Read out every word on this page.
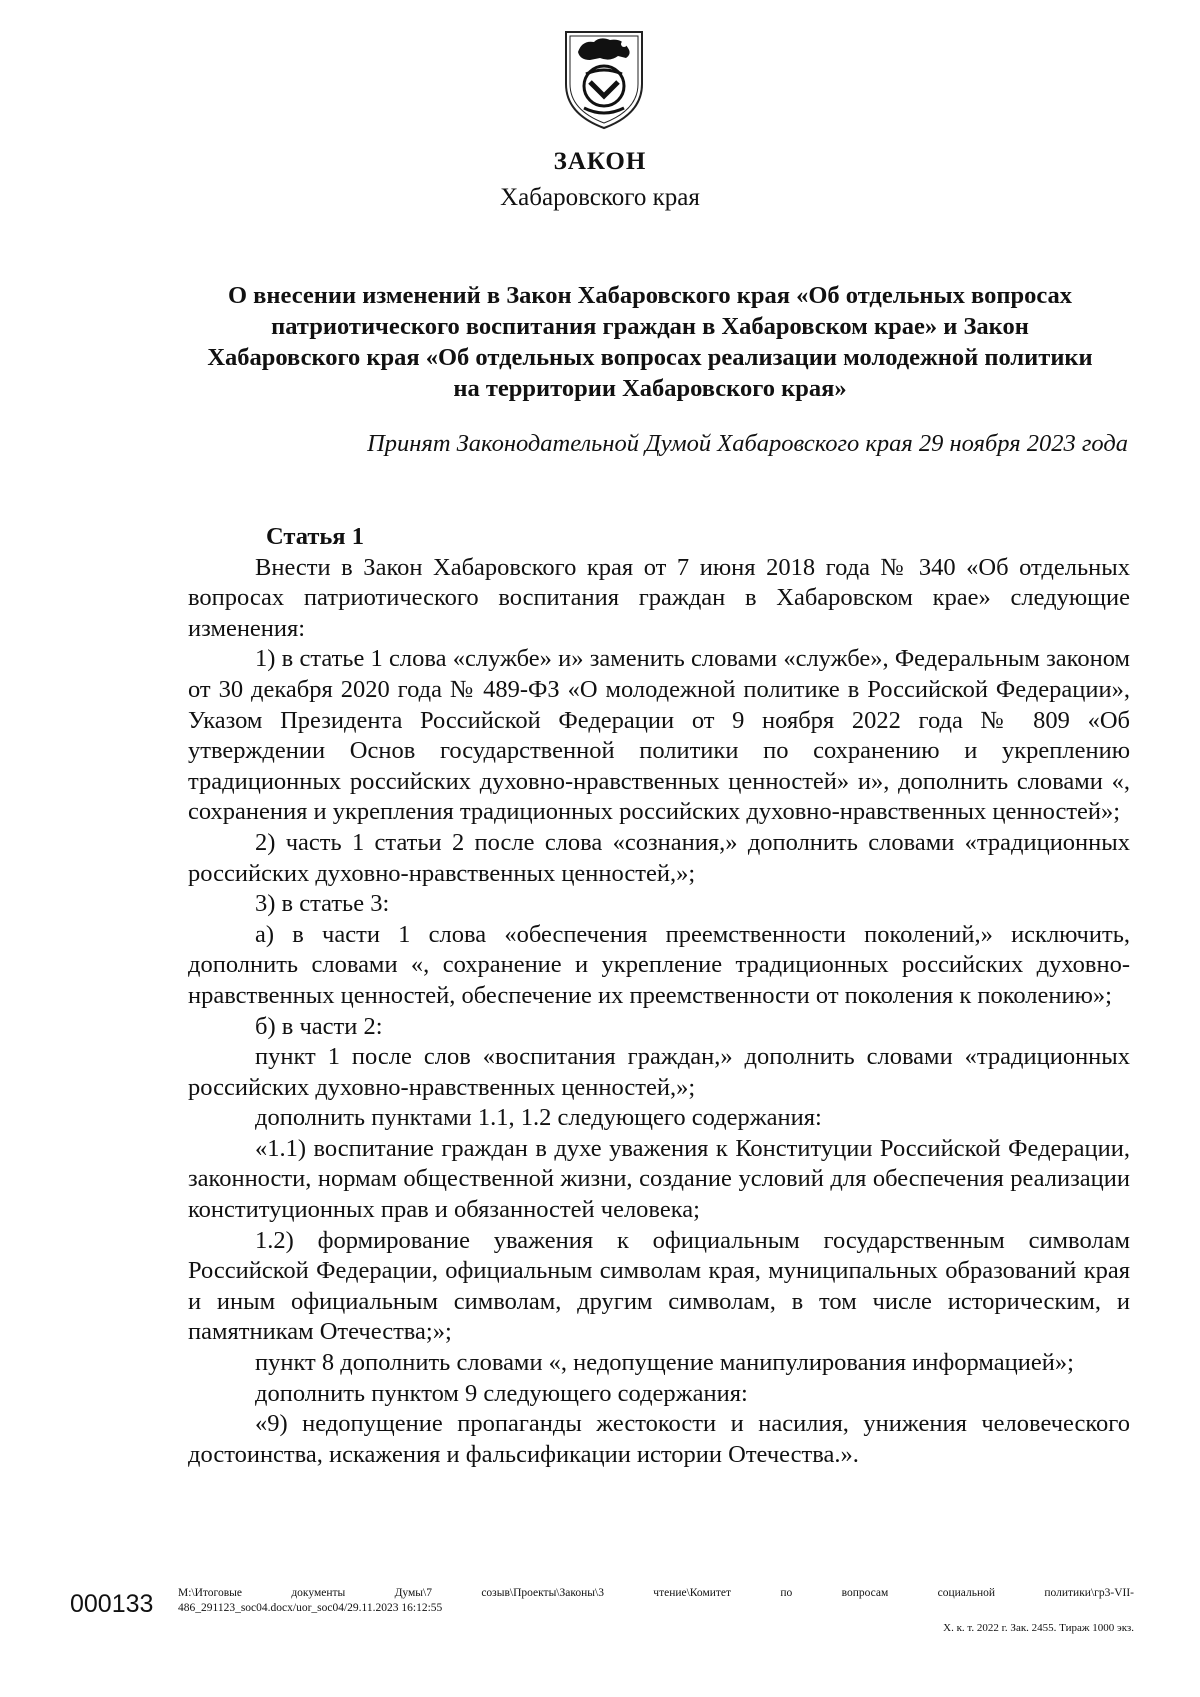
ЗАКОН
Хабаровского края
О внесении изменений в Закон Хабаровского края «Об отдельных вопросах патриотического воспитания граждан в Хабаровском крае» и Закон Хабаровского края «Об отдельных вопросах реализации молодежной политики на территории Хабаровского края»
Принят Законодательной Думой Хабаровского края 29 ноября 2023 года

Статья 1

Внести в Закон Хабаровского края от 7 июня 2018 года № 340 «Об отдельных вопросах патриотического воспитания граждан в Хабаровском крае» следующие изменения:

1) в статье 1 слова «службе» и» заменить словами «службе», Федеральным законом от 30 декабря 2020 года № 489-ФЗ «О молодежной политике в Российской Федерации», Указом Президента Российской Федерации от 9 ноября 2022 года № 809 «Об утверждении Основ государственной политики по сохранению и укреплению традиционных российских духовно-нравственных ценностей» и», дополнить словами «, сохранения и укрепления традиционных российских духовно-нравственных ценностей»;

2) часть 1 статьи 2 после слова «сознания,» дополнить словами «традиционных российских духовно-нравственных ценностей,»;

3) в статье 3:

а) в части 1 слова «обеспечения преемственности поколений,» исключить, дополнить словами «, сохранение и укрепление традиционных российских духовно-нравственных ценностей, обеспечение их преемственности от поколения к поколению»;

б) в части 2:

пункт 1 после слов «воспитания граждан,» дополнить словами «традиционных российских духовно-нравственных ценностей,»;

дополнить пунктами 1.1, 1.2 следующего содержания:

«1.1) воспитание граждан в духе уважения к Конституции Российской Федерации, законности, нормам общественной жизни, создание условий для обеспечения реализации конституционных прав и обязанностей человека;

1.2) формирование уважения к официальным государственным символам Российской Федерации, официальным символам края, муниципальных образований края и иным официальным символам, другим символам, в том числе историческим, и памятникам Отечества;»;

пункт 8 дополнить словами «, недопущение манипулирования информацией»;

дополнить пунктом 9 следующего содержания:

«9) недопущение пропаганды жестокости и насилия, унижения человеческого достоинства, искажения и фальсификации истории Отечества.».

000133 M:\Итоговые документы Думы\7 созыв\Проекты\Законы\3 чтение\Комитет по вопросам социальной политики\гр3-VII-
486_291123_soc04.docx/uor_soc04/29.11.2023 16:12:55
Х. к. т. 2022 г. Зак. 2455. Тираж 1000 экз.
